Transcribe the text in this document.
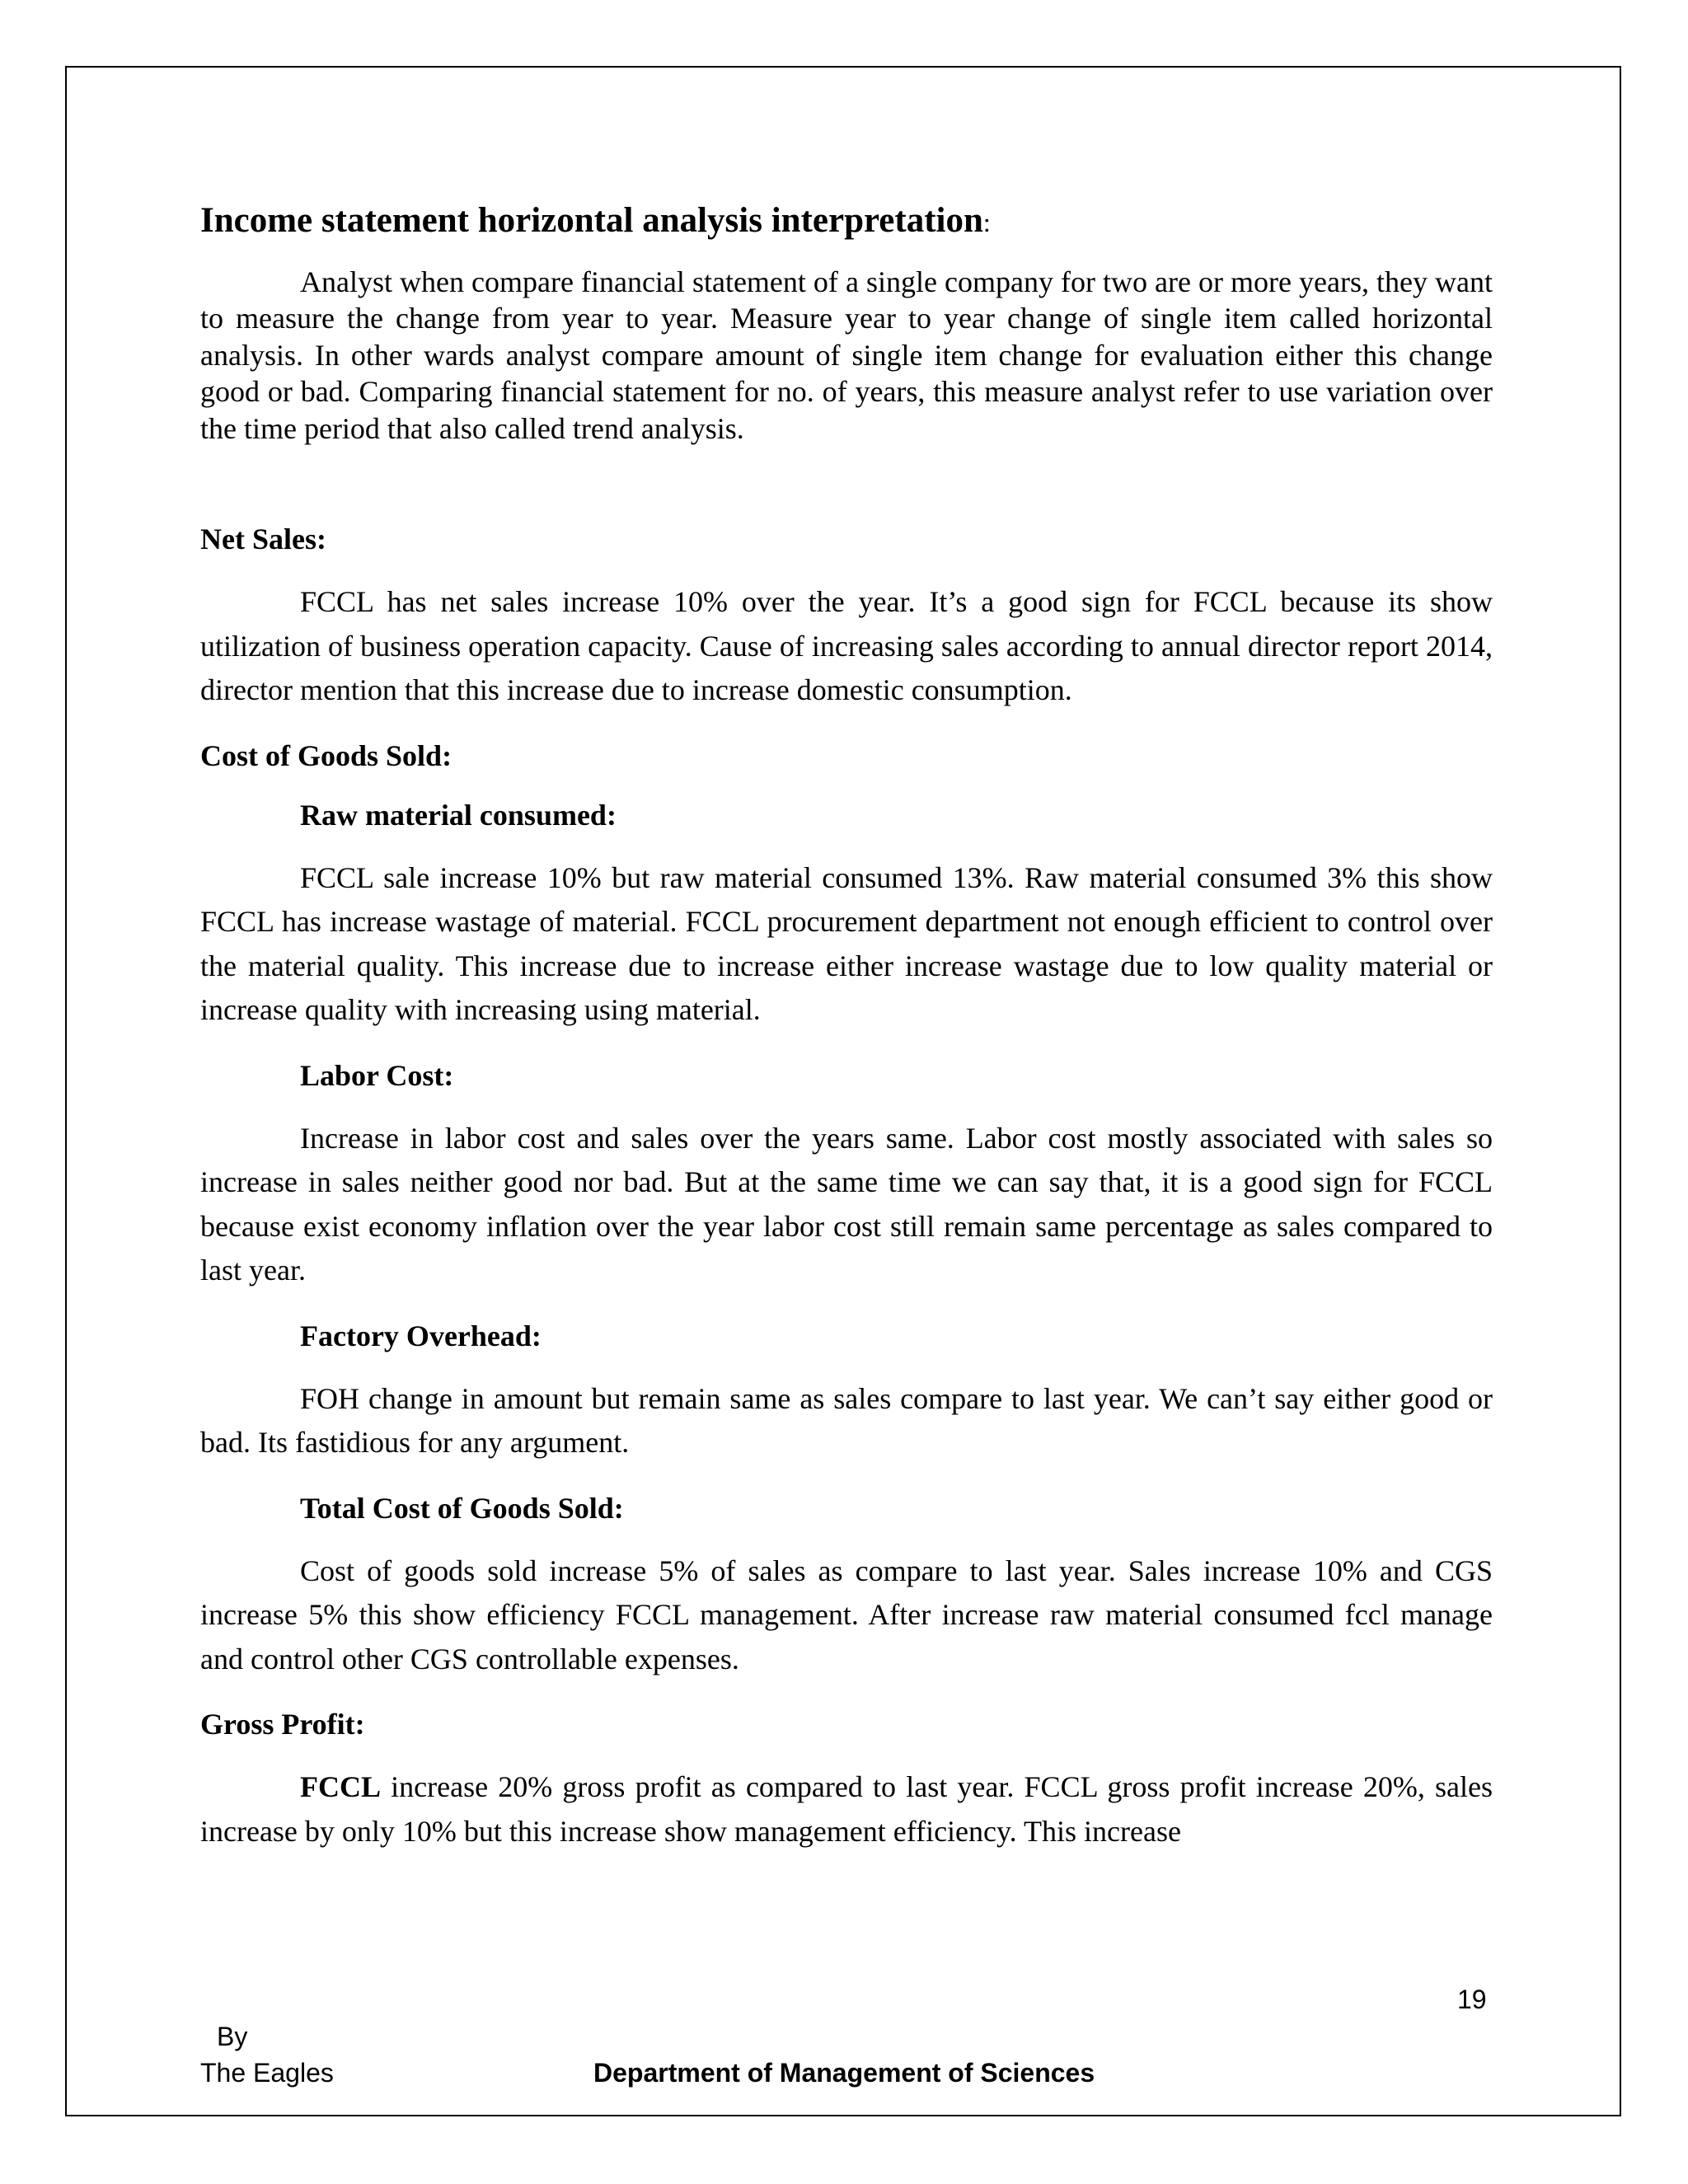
Income statement horizontal analysis interpretation:

Analyst when compare financial statement of a single company for two are or more years, they want to measure the change from year to year. Measure year to year change of single item called horizontal analysis. In other wards analyst compare amount of single item change for evaluation either this change good or bad. Comparing financial statement for no. of years, this measure analyst refer to use variation over the time period that also called trend analysis.

Net Sales:

FCCL has net sales increase 10% over the year. It’s a good sign for FCCL because its show utilization of business operation capacity. Cause of increasing sales according to annual director report 2014, director mention that this increase due to increase domestic consumption.

Cost of Goods Sold:
Raw material consumed:

FCCL sale increase 10% but raw material consumed 13%. Raw material consumed 3% this show FCCL has increase wastage of material. FCCL procurement department not enough efficient to control over the material quality. This increase due to increase either increase wastage due to low quality material or increase quality with increasing using material.

Labor Cost:

Increase in labor cost and sales over the years same. Labor cost mostly associated with sales so increase in sales neither good nor bad. But at the same time we can say that, it is a good sign for FCCL because exist economy inflation over the year labor cost still remain same percentage as sales compared to last year.

Factory Overhead:

FOH change in amount but remain same as sales compare to last year. We can’t say either good or bad. Its fastidious for any argument.

Total Cost of Goods Sold:

Cost of goods sold increase 5% of sales as compare to last year. Sales increase 10% and CGS increase 5% this show efficiency FCCL management. After increase raw material consumed fccl manage and control other CGS controllable expenses.

Gross Profit:

FCCL increase 20% gross profit as compared to last year. FCCL gross profit increase 20%, sales increase by only 10% but this increase show management efficiency. This increase

19
By
The Eagles	Department of Management of Sciences
